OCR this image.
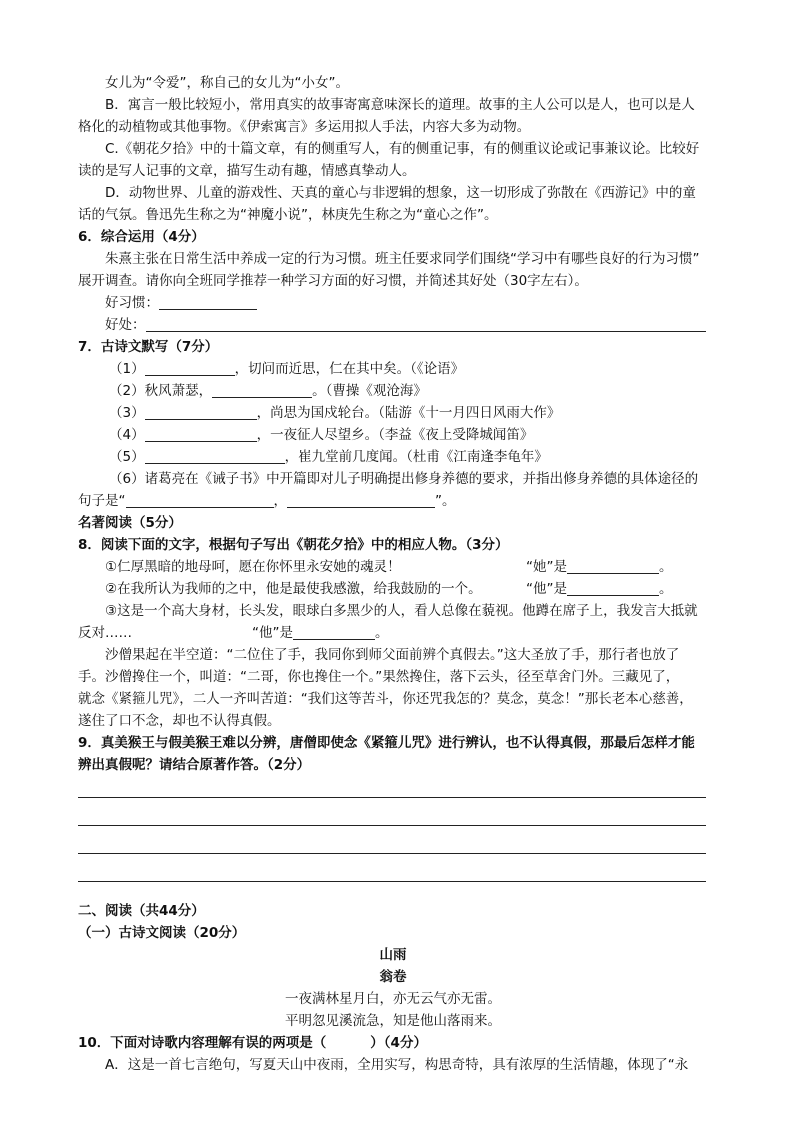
女儿为“令爱”，称自己的女儿为“小女”。
B．寓言一般比较短小，常用真实的故事寄寓意味深长的道理。故事的主人公可以是人，也可以是人
格化的动植物或其他事物。《伊索寓言》多运用拟人手法，内容大多为动物。
C.《朝花夕拾》中的十篇文章，有的侧重写人，有的侧重记事，有的侧重议论或记事兼议论。比较好
读的是写人记事的文章，描写生动有趣，情感真挚动人。
D．动物世界、儿童的游戏性、天真的童心与非逻辑的想象，这一切形成了弥散在《西游记》中的童
话的气氛。鲁迅先生称之为“神魔小说”，林庚先生称之为“童心之作”。
6．综合运用（4分）
朱熹主张在日常生活中养成一定的行为习惯。班主任要求同学们围绕“学习中有哪些良好的行为习惯”
展开调查。请你向全班同学推荐一种学习方面的好习惯，并简述其好处（30字左右）。
好习惯：
好处：
7．古诗文默写（7分）
（1）	，切问而近思，仁在其中矣。（《论语》
（2）秋风萧瑟，	。（曹操《观沧海》
（3）	，尚思为国戍轮台。（陆游《十一月四日风雨大作》
（4）	，一夜征人尽望乡。（李益《夜上受降城闻笛》
（5）	，崔九堂前几度闻。（杜甫《江南逢李龟年》
（6）诸葛亮在《诫子书》中开篇即对儿子明确提出修身养德的要求，并指出修身养德的具体途径的
句子是“	，	”。
名著阅读（5分）
8．阅读下面的文字，根据句子写出《朝花夕拾》中的相应人物。（3分）
①仁厚黑暗的地母呵，愿在你怀里永安她的魂灵！	“她”是	。
②在我所认为我师的之中，他是最使我感激，给我鼓励的一个。	“他”是	。
③这是一个高大身材，长头发，眼球白多黑少的人，看人总像在藐视。他蹲在席子上，我发言大抵就
反对……	“他”是	。
沙僧果起在半空道：“二位住了手，我同你到师父面前辨个真假去。”这大圣放了手，那行者也放了
手。沙僧搀住一个，叫道：“二哥，你也搀住一个。”果然搀住，落下云头，径至草舍门外。三藏见了，
就念《紧箍儿咒》，二人一齐叫苦道：“我们这等苦斗，你还咒我怎的？莫念，莫念！”那长老本心慈善，
遂住了口不念，却也不认得真假。
9．真美猴王与假美猴王难以分辨，唐僧即使念《紧箍儿咒》进行辨认，也不认得真假，那最后怎样才能
辨出真假呢？请结合原著作答。（2分）
二、阅读（共44分）
（一）古诗文阅读（20分）
山雨
翁卷
一夜满林星月白，亦无云气亦无雷。
平明忽见溪流急，知是他山落雨来。
10．下面对诗歌内容理解有误的两项是（	）（4分）
A．这是一首七言绝句，写夏天山中夜雨，全用实写，构思奇特，具有浓厚的生活情趣，体现了“永
